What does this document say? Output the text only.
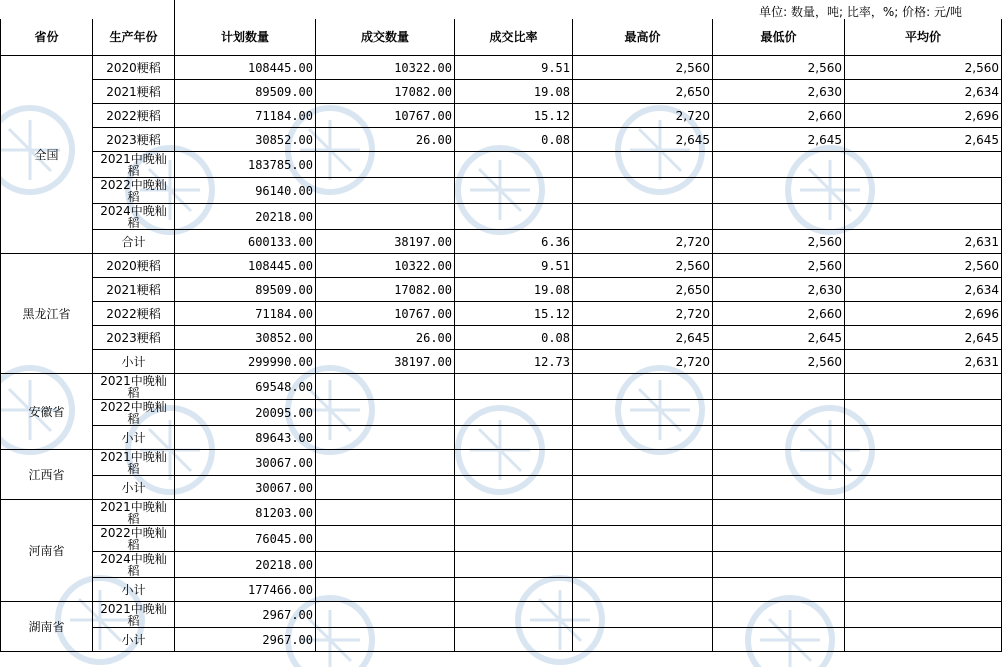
单位: 数量，吨; 比率，%; 价格: 元/吨

省份	生产年份	计划数量	成交数量	成交比率	最高价	最低价	平均价
全国	2020粳稻	108445.00	10322.00	9.51	2,560	2,560	2,560
	2021粳稻	89509.00	17082.00	19.08	2,650	2,630	2,634
	2022粳稻	71184.00	10767.00	15.12	2,720	2,660	2,696
	2023粳稻	30852.00	26.00	0.08	2,645	2,645	2,645
	2021中晚籼稻	183785.00					
	2022中晚籼稻	96140.00					
	2024中晚籼稻	20218.00					
	合计	600133.00	38197.00	6.36	2,720	2,560	2,631
黑龙江省	2020粳稻	108445.00	10322.00	9.51	2,560	2,560	2,560
	2021粳稻	89509.00	17082.00	19.08	2,650	2,630	2,634
	2022粳稻	71184.00	10767.00	15.12	2,720	2,660	2,696
	2023粳稻	30852.00	26.00	0.08	2,645	2,645	2,645
	小计	299990.00	38197.00	12.73	2,720	2,560	2,631
安徽省	2021中晚籼稻	69548.00					
	2022中晚籼稻	20095.00					
	小计	89643.00					
江西省	2021中晚籼稻	30067.00					
	小计	30067.00					
河南省	2021中晚籼稻	81203.00					
	2022中晚籼稻	76045.00					
	2024中晚籼稻	20218.00					
	小计	177466.00					
湖南省	2021中晚籼稻	2967.00					
	小计	2967.00					
